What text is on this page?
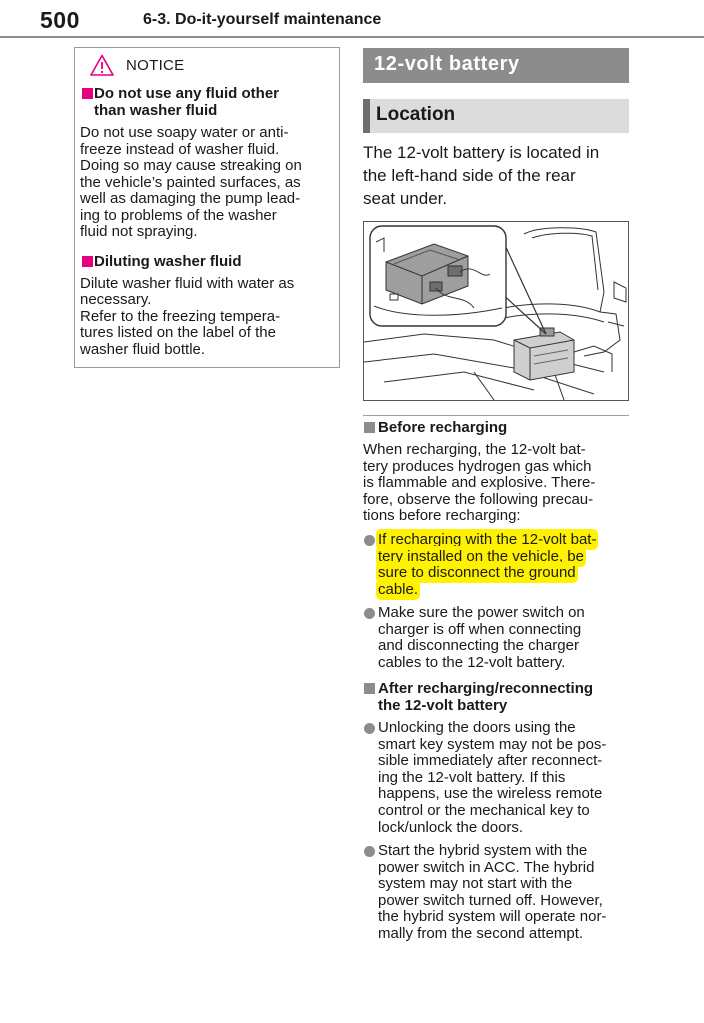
500	6-3. Do-it-yourself maintenance
NOTICE
Do not use any fluid other
than washer fluid
Do not use soapy water or anti-
freeze instead of washer fluid.
Doing so may cause streaking on
the vehicle’s painted surfaces, as
well as damaging the pump lead-
ing to problems of the washer
fluid not spraying.
Diluting washer fluid
Dilute washer fluid with water as
necessary.
Refer to the freezing tempera-
tures listed on the label of the
washer fluid bottle.
12-volt battery
Location
The 12-volt battery is located in
the left-hand side of the rear
seat under.
Before recharging
When recharging, the 12-volt bat-
tery produces hydrogen gas which
is flammable and explosive. There-
fore, observe the following precau-
tions before recharging:
If recharging with the 12-volt bat-
tery installed on the vehicle, be
sure to disconnect the ground
cable.
Make sure the power switch on
charger is off when connecting
and disconnecting the charger
cables to the 12-volt battery.
After recharging/reconnecting
the 12-volt battery
Unlocking the doors using the
smart key system may not be pos-
sible immediately after reconnect-
ing the 12-volt battery. If this
happens, use the wireless remote
control or the mechanical key to
lock/unlock the doors.
Start the hybrid system with the
power switch in ACC. The hybrid
system may not start with the
power switch turned off. However,
the hybrid system will operate nor-
mally from the second attempt.
